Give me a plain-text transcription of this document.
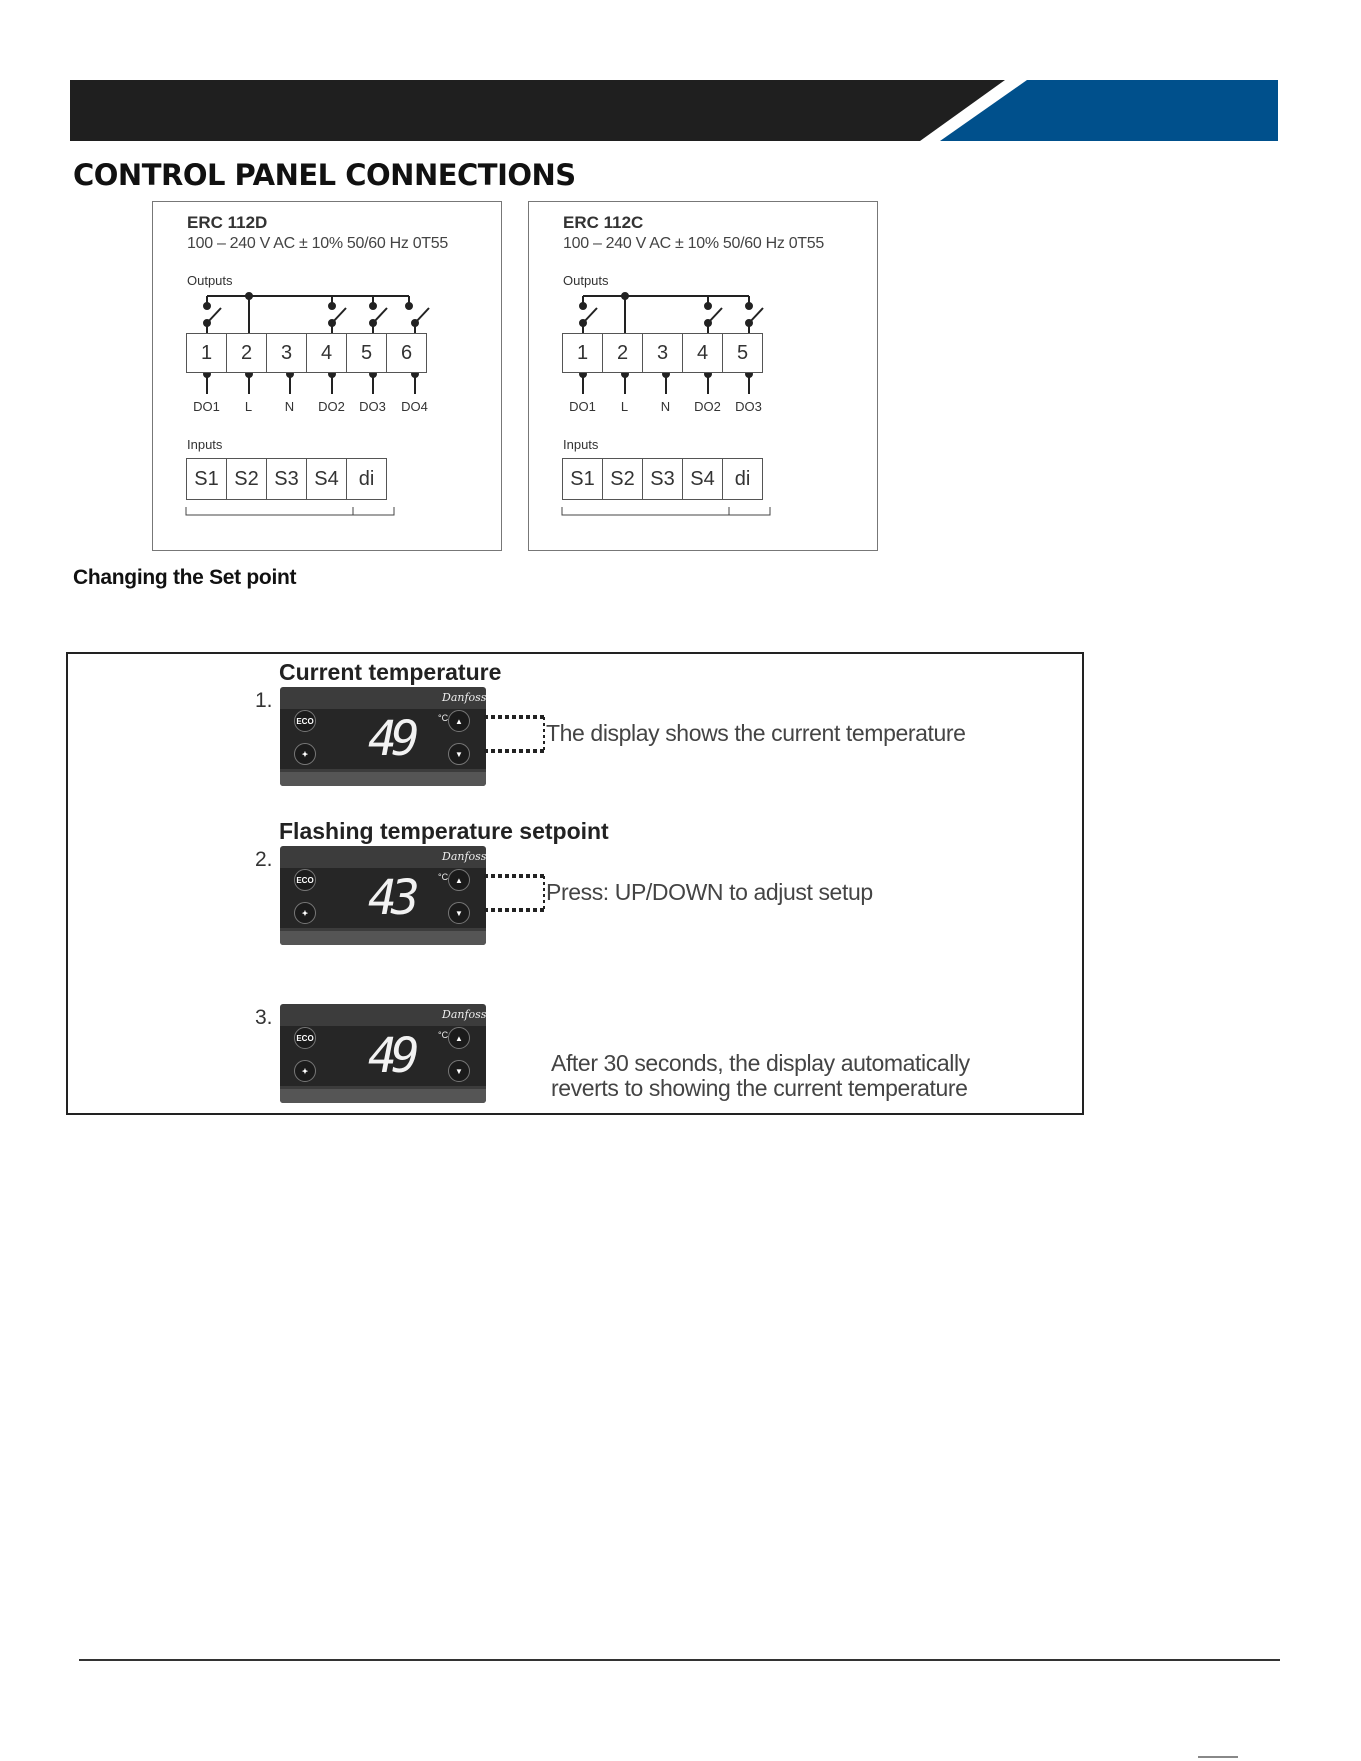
CONTROL PANEL CONNECTIONS
ERC 112D
100 – 240 V AC ± 10% 50/60 Hz 0T55
Outputs
1	2	3	4	5	6
DO1	L	N	DO2	DO3	DO4
Inputs
S1 S2 S3 S4 di
ERC 112C
100 – 240 V AC ± 10% 50/60 Hz 0T55
Outputs
1	2	3	4	5
DO1	L	N	DO2	DO3
Inputs
S1 S2 S3 S4 di
Changing the Set point
Current temperature
1.	Danfoss
49	°C
ECO
✦
▲
▼
The display shows the current temperature
Flashing temperature setpoint
2.	Danfoss
43	°C
ECO
✦
▲
▼
Press: UP/DOWN to adjust setup
3.	Danfoss
49	°C
ECO
✦
▲
▼	After 30 seconds, the display automatically
reverts to showing the current temperature
